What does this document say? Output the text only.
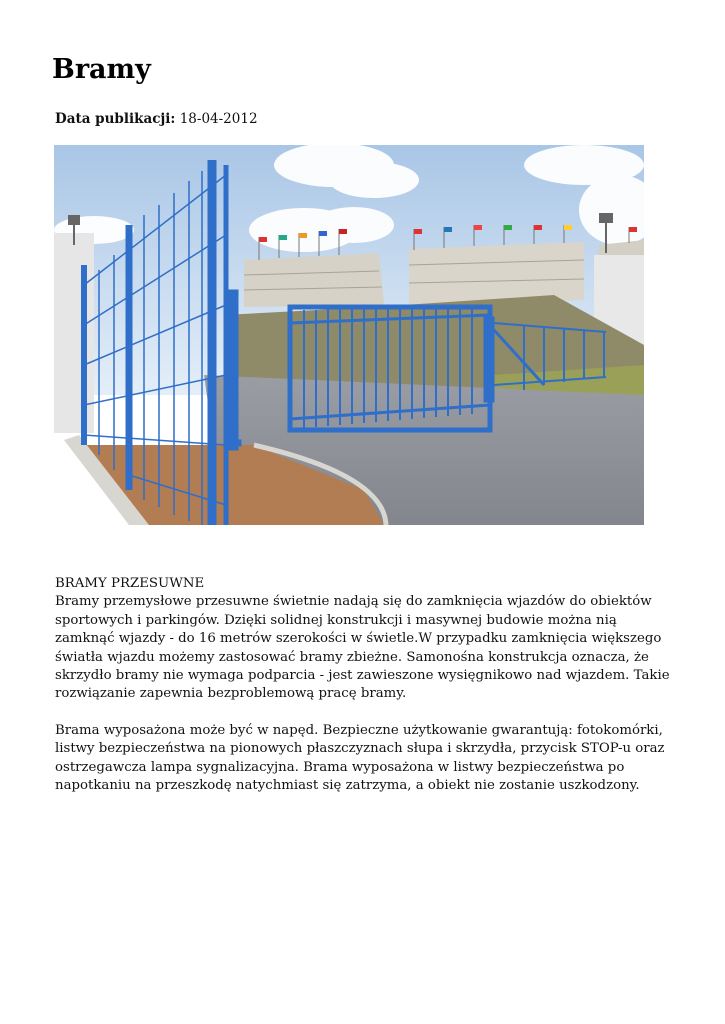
Bramy
Data publikacji: 18-04-2012

BRAMY PRZESUWNE

Bramy przemysłowe przesuwne świetnie nadają się do zamknięcia wjazdów do obiektów sportowych i parkingów. Dzięki solidnej konstrukcji i masywnej budowie można nią zamknąć wjazdy - do 16 metrów szerokości w świetle.W przypadku zamknięcia większego światła wjazdu możemy zastosować bramy zbieżne. Samonośna konstrukcja oznacza, że skrzydło bramy nie wymaga podparcia - jest zawieszone wysięgnikowo nad wjazdem. Takie rozwiązanie zapewnia bezproblemową pracę bramy.

Brama wyposażona może być w napęd. Bezpieczne użytkowanie gwarantują: fotokomórki, listwy bezpieczeństwa na pionowych płaszczyznach słupa i skrzydła, przycisk STOP-u oraz ostrzegawcza lampa sygnalizacyjna. Brama wyposażona w listwy bezpieczeństwa po napotkaniu na przeszkodę natychmiast się zatrzyma, a obiekt nie zostanie uszkodzony.
